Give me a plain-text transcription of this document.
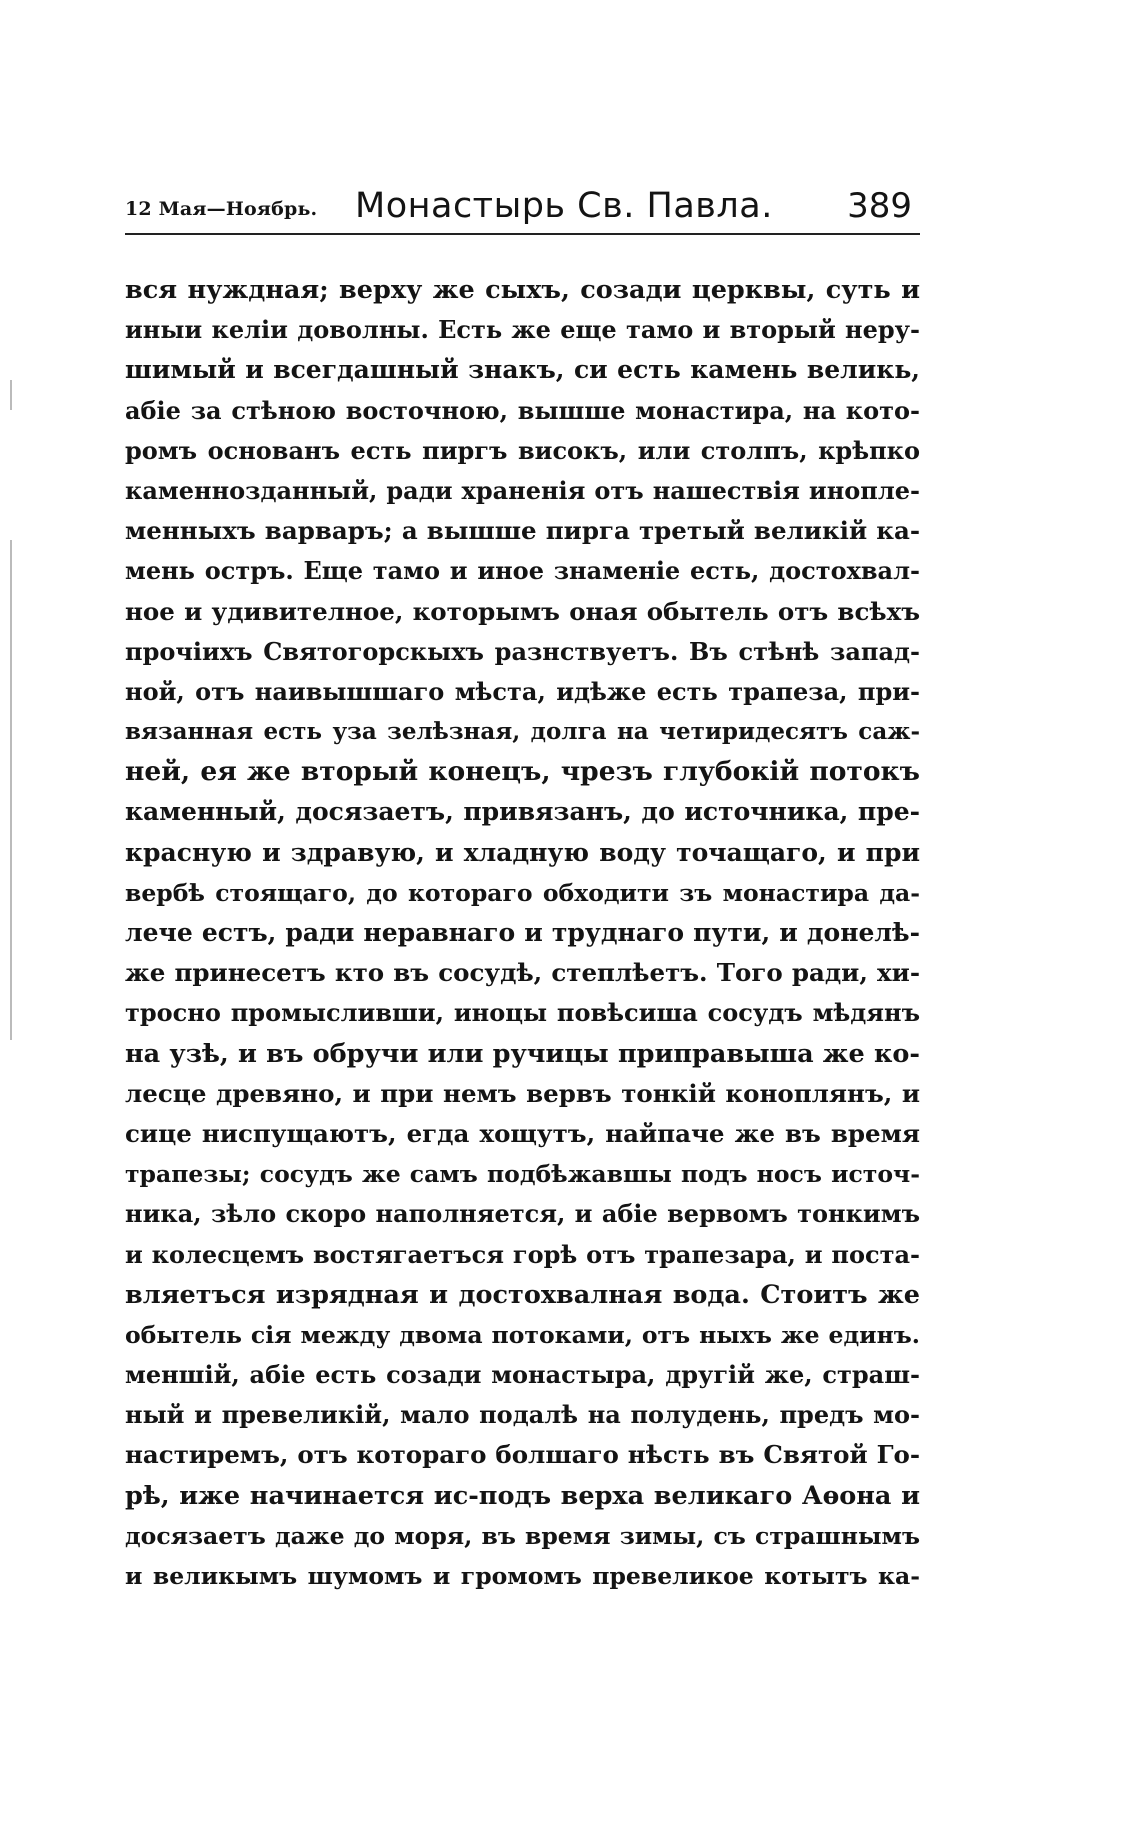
12 Мая—Ноябрь. Монастырь Св. Павла. 389
вся нуждная; верху же сыхъ, созади церквы, суть и
иныи келіи доволны. Есть же еще тамо и вторый неру-
шимый и всегдашный знакъ, си есть камень великь,
абіе за стѣною восточною, вышше монастира, на кото-
ромъ основанъ есть пиргъ високъ, или столпъ, крѣпко
каменнозданный, ради храненія отъ нашествія иноплe-
менныхъ варваръ; а вышше пирга третый великій ка-
мень остръ. Еще тамо и иное знаменіе есть, достохвал-
ное и удивителное, которымъ оная обытель отъ всѣхъ
прочіихъ Святогорскыхъ разнствуетъ. Въ стѣнѣ запад-
ной, отъ наивышшаго мѣста, идѣже есть трапеза, при-
вязанная есть уза зелѣзная, долга на четиридесятъ саж-
ней, ея же вторый конецъ, чрезъ глубокій потокъ
каменный, досязаетъ, привязанъ, до источника, пре-
красную и здравую, и хладную воду точащаго, и при
вербѣ стоящаго, до котораго обходити зъ монастира да-
лече естъ, ради неравнаго и труднаго пути, и донелѣ-
же принесетъ кто въ сосудѣ, степлѣетъ. Того ради, хи-
тросно промысливши, иноцы повѣсиша сосудъ мѣдянъ
на узѣ, и въ обручи или ручицы приправыша же ко-
лесце древяно, и при немъ вервъ тонкій коноплянъ, и
сице ниспущаютъ, егда хощутъ, найпаче же въ время
трапезы; сосудъ же самъ подбѣжавшы подъ носъ источ-
ника, зѣло скоро наполняется, и абіе вервомъ тонкимъ
и колесцемъ востягаетъся горѣ отъ трапезара, и поста-
вляетъся изрядная и достохвалная вода. Стоитъ же
обытель сія между двома потоками, отъ ныхъ же единъ.
меншій, абіе есть созади монастыра, другій же, страш-
ный и превеликій, мало подалѣ на полудень, предъ мо-
настиремъ, отъ котораго болшаго нѣсть въ Святой Го-
рѣ, иже начинается ис-подъ верха великаго Аѳона и
досязаетъ даже до моря, въ время зимы, съ страшнымъ
и великымъ шумомъ и громомъ превеликое котытъ ка-
